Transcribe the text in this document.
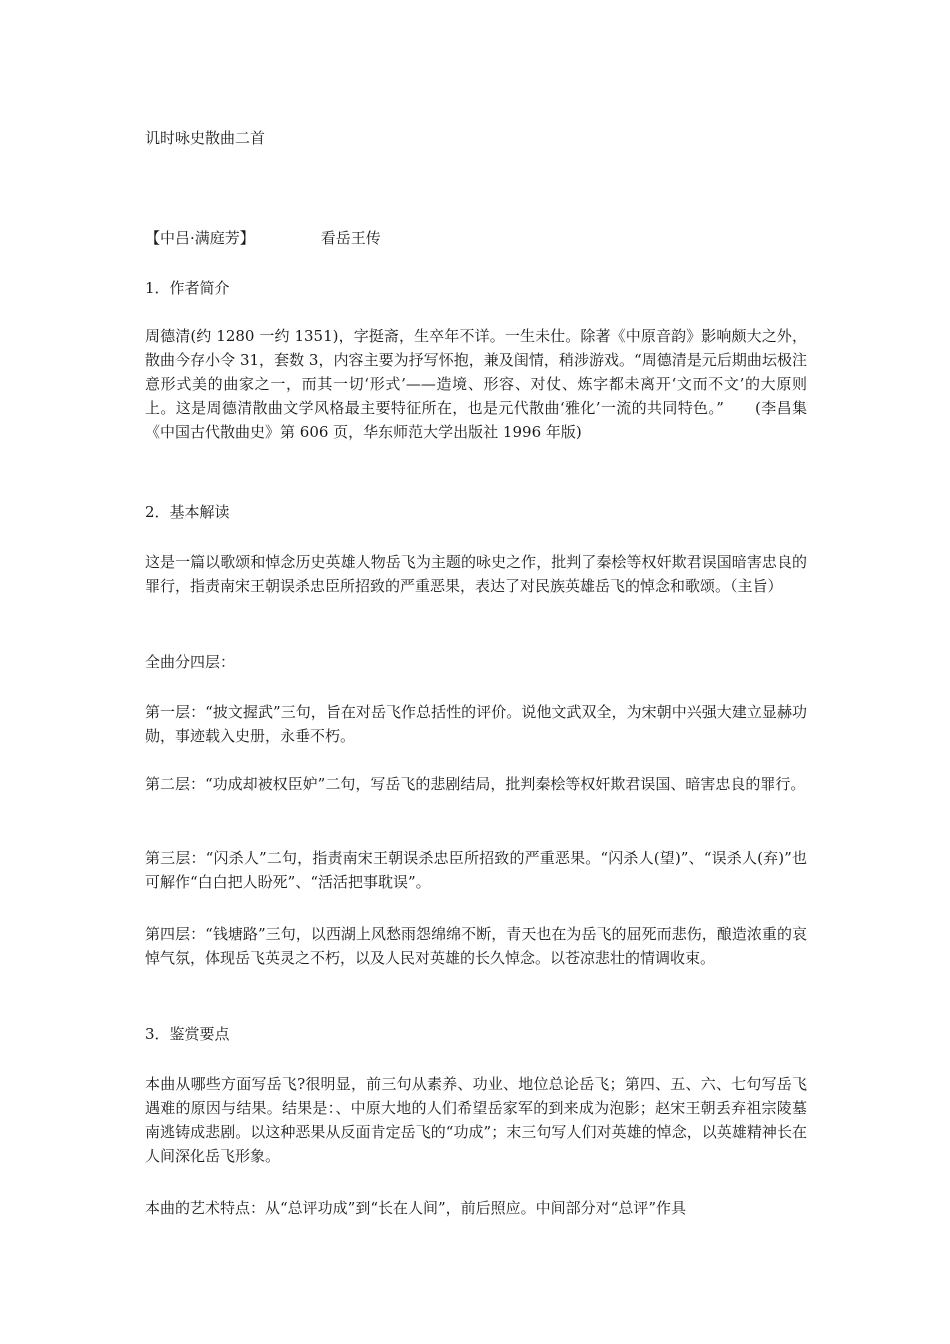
讥时咏史散曲二首
【中吕·满庭芳】	看岳王传

1．作者简介

周德清(约 1280 一约 1351)，字挺斋，生卒年不详。一生未仕。除著《中原音韵》影响颇大之外，散曲今存小令 31，套数 3，内容主要为抒写怀抱，兼及闺情，稍涉游戏。“周德清是元后期曲坛极注意形式美的曲家之一，而其一切‘形式’——造境、形容、对仗、炼字都未离开‘文而不文’的大原则上。这是周德清散曲文学风格最主要特征所在，也是元代散曲‘雅化’一流的共同特色。”　　(李昌集《中国古代散曲史》第 606 页，华东师范大学出版社 1996 年版)

2．基本解读

这是一篇以歌颂和悼念历史英雄人物岳飞为主题的咏史之作，批判了秦桧等权奸欺君误国暗害忠良的罪行，指责南宋王朝误杀忠臣所招致的严重恶果，表达了对民族英雄岳飞的悼念和歌颂。（主旨）

全曲分四层：

第一层：“披文握武”三句，旨在对岳飞作总括性的评价。说他文武双全，为宋朝中兴强大建立显赫功勋，事迹载入史册，永垂不朽。

第二层：“功成却被权臣妒”二句，写岳飞的悲剧结局，批判秦桧等权奸欺君误国、暗害忠良的罪行。

第三层：“闪杀人”二句，指责南宋王朝误杀忠臣所招致的严重恶果。“闪杀人(望)”、“误杀人(弃)”也可解作“白白把人盼死”、“活活把事耽误”。

第四层：“钱塘路”三句，以西湖上风愁雨怨绵绵不断，青天也在为岳飞的屈死而悲伤，酿造浓重的哀悼气氛，体现岳飞英灵之不朽，以及人民对英雄的长久悼念。以苍凉悲壮的情调收束。

3．鉴赏要点

本曲从哪些方面写岳飞?很明显，前三句从素养、功业、地位总论岳飞；第四、五、六、七句写岳飞遇难的原因与结果。结果是：、中原大地的人们希望岳家军的到来成为泡影；赵宋王朝丢弃祖宗陵墓南逃铸成悲剧。以这种恶果从反面肯定岳飞的“功成”；末三句写人们对英雄的悼念，以英雄精神长在人间深化岳飞形象。

本曲的艺术特点：从“总评功成”到“长在人间”，前后照应。中间部分对“总评”作具
